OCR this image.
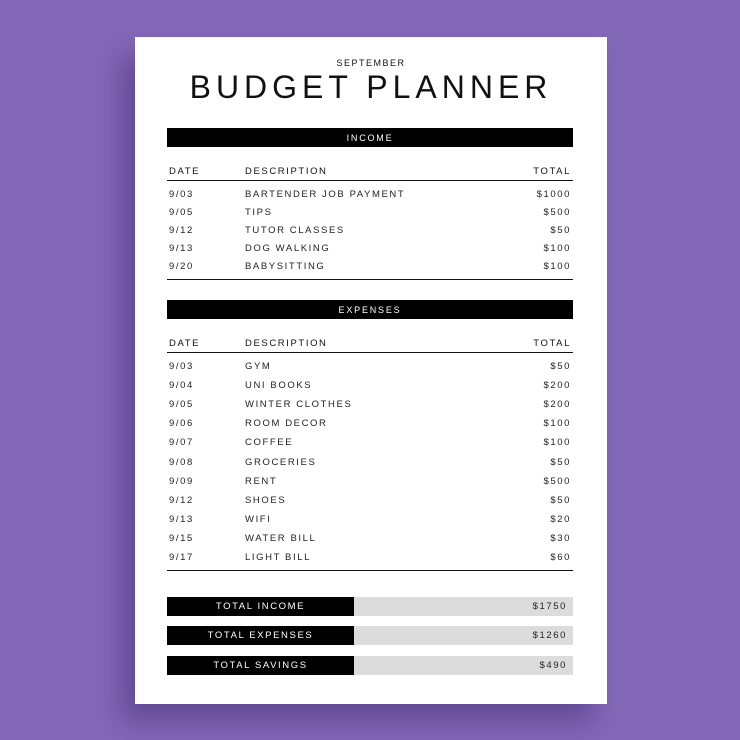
SEPTEMBER
BUDGET PLANNER
INCOME
DATE	DESCRIPTION	TOTAL
9/03	BARTENDER JOB PAYMENT	$1000
9/05	TIPS	$500
9/12	TUTOR CLASSES	$50
9/13	DOG WALKING	$100
9/20	BABYSITTING	$100
EXPENSES
DATE	DESCRIPTION	TOTAL
9/03	GYM	$50
9/04	UNI BOOKS	$200
9/05	WINTER CLOTHES	$200
9/06	ROOM DECOR	$100
9/07	COFFEE	$100
9/08	GROCERIES	$50
9/09	RENT	$500
9/12	SHOES	$50
9/13	WIFI	$20
9/15	WATER BILL	$30
9/17	LIGHT BILL	$60
TOTAL INCOME	$1750
TOTAL EXPENSES	$1260
TOTAL SAVINGS	$490
